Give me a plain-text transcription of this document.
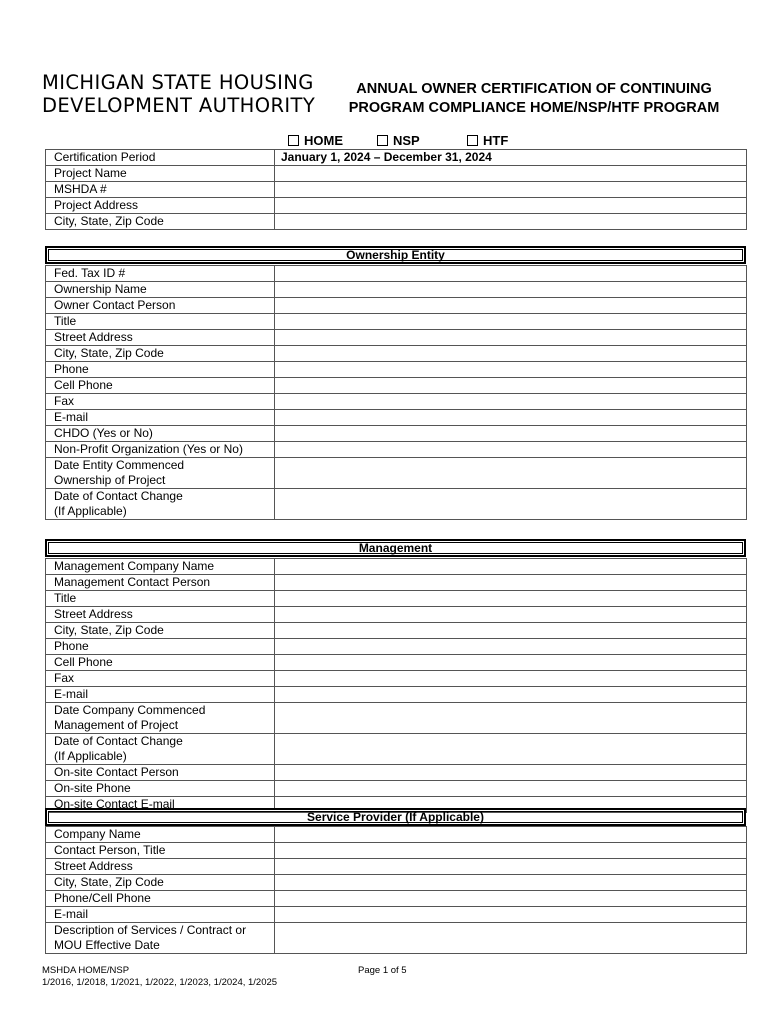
MICHIGAN STATE HOUSING
DEVELOPMENT AUTHORITY
ANNUAL OWNER CERTIFICATION OF CONTINUING
PROGRAM COMPLIANCE HOME/NSP/HTF PROGRAM
HOME	NSP	HTF
Certification Period	January 1, 2024 – December 31, 2024

Project Name	

MSHDA #	

Project Address	

City, State, Zip Code	

Ownership Entity
Fed. Tax ID #	

Ownership Name	

Owner Contact Person	

Title	

Street Address	

City, State, Zip Code	

Phone	

Cell Phone	

Fax	

E-mail	

CHDO (Yes or No)	

Non-Profit Organization (Yes or No)	

Date Entity Commenced
Ownership of Project	

Date of Contact Change
(If Applicable)	

Management
Management Company Name	

Management Contact Person	

Title	

Street Address	

City, State, Zip Code	

Phone	

Cell Phone	

Fax	

E-mail	

Date Company Commenced
Management of Project	

Date of Contact Change
(If Applicable)	

On-site Contact Person	

On-site Phone	

On-site Contact E-mail	

Service Provider (If Applicable)
Company Name	

Contact Person, Title	

Street Address	

City, State, Zip Code	

Phone/Cell Phone	

E-mail	

Description of Services / Contract or
MOU Effective Date	

MSHDA HOME/NSP
1/2016, 1/2018, 1/2021, 1/2022, 1/2023, 1/2024, 1/2025
Page 1 of 5
